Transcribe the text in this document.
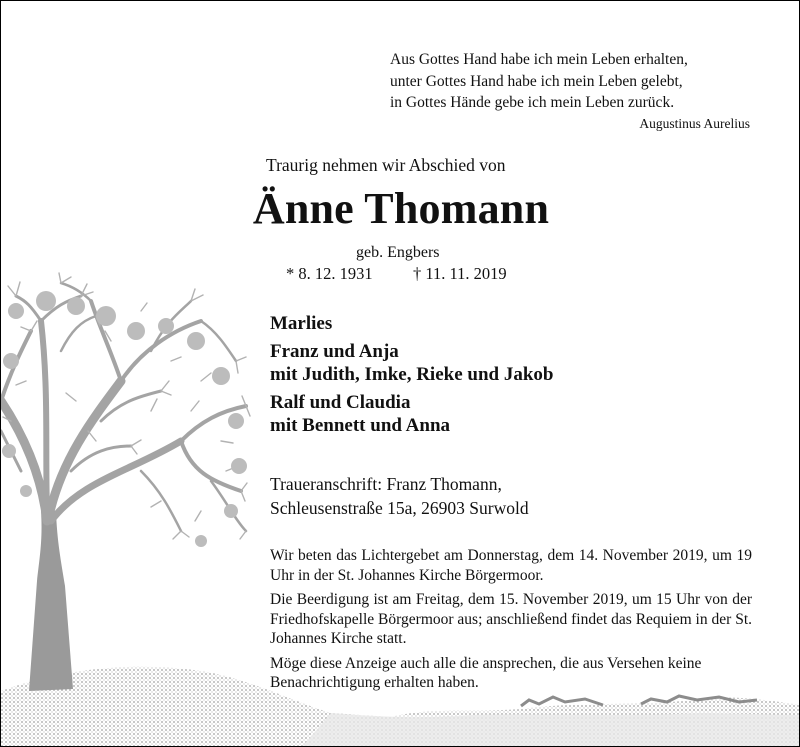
Aus Gottes Hand habe ich mein Leben erhalten,
unter Gottes Hand habe ich mein Leben gelebt,
in Gottes Hände gebe ich mein Leben zurück.
Augustinus Aurelius
Traurig nehmen wir Abschied von
Änne Thomann
geb. Engbers
* 8. 12. 1931 † 11. 11. 2019
Marlies
Franz und Anja
mit Judith, Imke, Rieke und Jakob
Ralf und Claudia
mit Bennett und Anna
Traueranschrift: Franz Thomann,
Schleusenstraße 15a, 26903 Surwold

Wir beten das Lichtergebet am Donnerstag, dem 14. November 2019, um 19 Uhr in der St. Johannes Kirche Börgermoor.

Die Beerdigung ist am Freitag, dem 15. November 2019, um 15 Uhr von der Friedhofskapelle Börgermoor aus; anschließend findet das Requiem in der St. Johannes Kirche statt.

Möge diese Anzeige auch alle die ansprechen, die aus Versehen keine Benachrichtigung erhalten haben.
